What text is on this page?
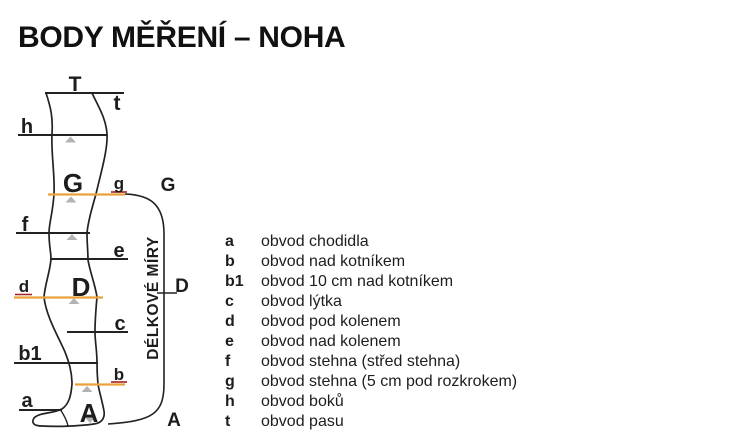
BODY MĚŘENÍ – NOHA
T
t
h
G g G
f
e
d D	D
c
b1
b
a A	A
DÉLKOVÉ MÍRY	a	obvod chodidla
b	obvod nad kotníkem
b1	obvod 10 cm nad kotníkem
c	obvod lýtka
d	obvod pod kolenem
e	obvod nad kolenem
f	obvod stehna (střed stehna)
g	obvod stehna (5 cm pod rozkrokem)
h	obvod boků
t	obvod pasu
